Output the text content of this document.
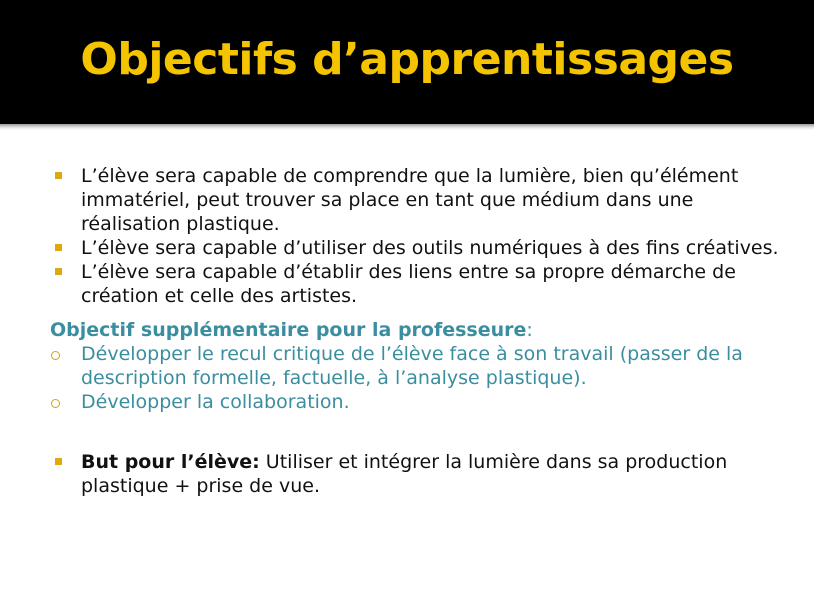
Objectifs d’apprentissages
L’élève sera capable de comprendre que la lumière, bien qu’élément immatériel, peut trouver sa place en tant que médium dans une réalisation plastique.
L’élève sera capable d’utiliser des outils numériques à des fins créatives.
L’élève sera capable d’établir des liens entre sa propre démarche de création et celle des artistes.
Objectif supplémentaire pour la professeure:
Développer le recul critique de l’élève face à son travail (passer de la description formelle, factuelle, à l’analyse plastique).
Développer la collaboration.
But pour l’élève: Utiliser et intégrer la lumière dans sa production plastique + prise de vue.
